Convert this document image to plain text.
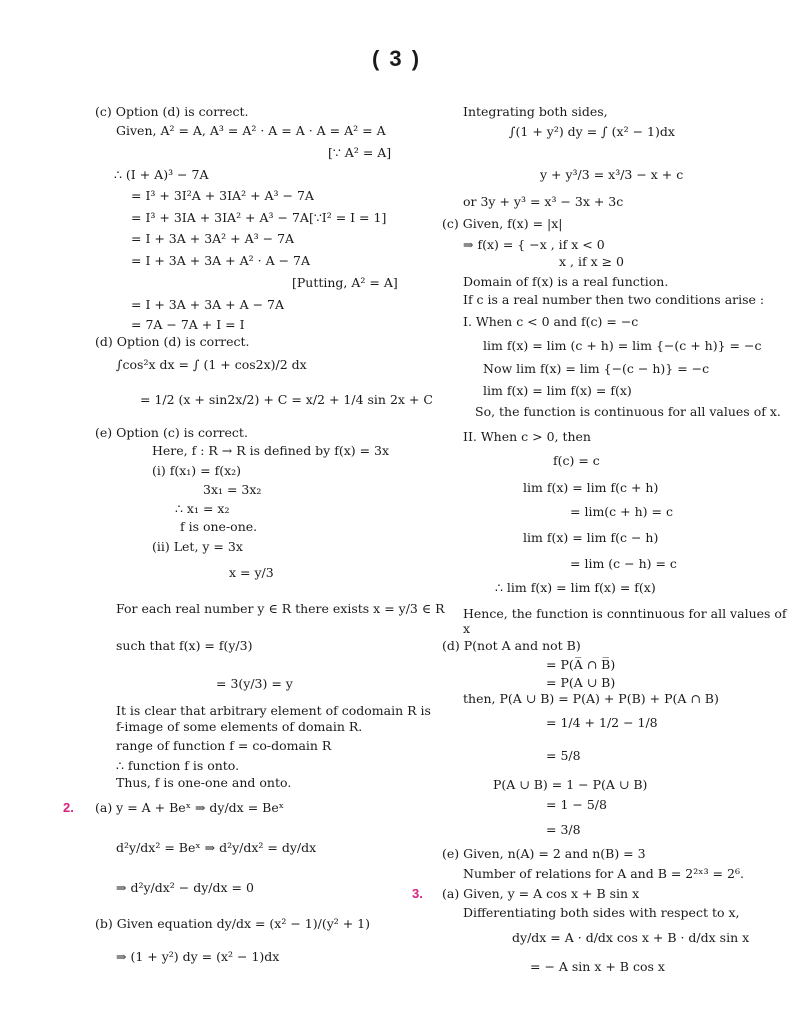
( 3 )
(c) Option (d) is correct.
Given, A² = A, A³ = A² · A = A · A = A² = A
[∵ A² = A]
∴ (I + A)³ − 7A
= I³ + 3I²A + 3IA² + A³ − 7A
= I³ + 3IA + 3IA² + A³ − 7A[∵I² = I = 1]
= I + 3A + 3A² + A³ − 7A
= I + 3A + 3A + A² · A − 7A
[Putting, A² = A]
= I + 3A + 3A + A − 7A
= 7A − 7A + I = I
(d) Option (d) is correct.
∫cos²x dx = ∫ (1 + cos2x)/2 dx
= 1/2 (x + sin2x/2) + C = x/2 + 1/4 sin 2x + C
(e) Option (c) is correct.
Here, f : R → R is defined by f(x) = 3x
(i) f(x₁) = f(x₂)
3x₁ = 3x₂
∴ x₁ = x₂
f is one-one.
(ii) Let, y = 3x
x = y/3
For each real number y ∈ R there exists x = y/3 ∈ R
such that f(x) = f(y/3)
= 3(y/3) = y
It is clear that arbitrary element of codomain R is
f-image of some elements of domain R.
range of function f = co-domain R
∴ function f is onto.
Thus, f is one-one and onto.
(a) y = A + Beˣ ⇒ dy/dx = Beˣ
d²y/dx² = Beˣ ⇒ d²y/dx² = dy/dx
⇒ d²y/dx² − dy/dx = 0
(b) Given equation dy/dx = (x² − 1)/(y² + 1)
⇒ (1 + y²) dy = (x² − 1)dx
Integrating both sides,
∫(1 + y²) dy = ∫ (x² − 1)dx
y + y³/3 = x³/3 − x + c
or 3y + y³ = x³ − 3x + 3c
(c) Given, f(x) = |x|
⇒ f(x) = { −x , if x < 0
x , if x ≥ 0
Domain of f(x) is a real function.
If c is a real number then two conditions arise :
I. When c < 0 and f(c) = −c
lim f(x) = lim (c + h) = lim {−(c + h)} = −c
Now lim f(x) = lim {−(c − h)} = −c
lim f(x) = lim f(x) = f(x)
So, the function is continuous for all values of x.
II. When c > 0, then
f(c) = c
lim f(x) = lim f(c + h)
= lim(c + h) = c
lim f(x) = lim f(c − h)
= lim (c − h) = c
∴ lim f(x) = lim f(x) = f(x)
Hence, the function is conntinuous for all values of
x
(d) P(not A and not B)
= P(A̅ ∩ B̅)
= P(A ∪ B)
then, P(A ∪ B) = P(A) + P(B) + P(A ∩ B)
= 1/4 + 1/2 − 1/8
= 5/8
P(A ∪ B) = 1 − P(A ∪ B)
= 1 − 5/8
= 3/8
(e) Given, n(A) = 2 and n(B) = 3
Number of relations for A and B = 2²ˣ³ = 2⁶.
(a) Given, y = A cos x + B sin x
Differentiating both sides with respect to x,
dy/dx = A · d/dx cos x + B · d/dx sin x
= − A sin x + B cos x
2.
3.
